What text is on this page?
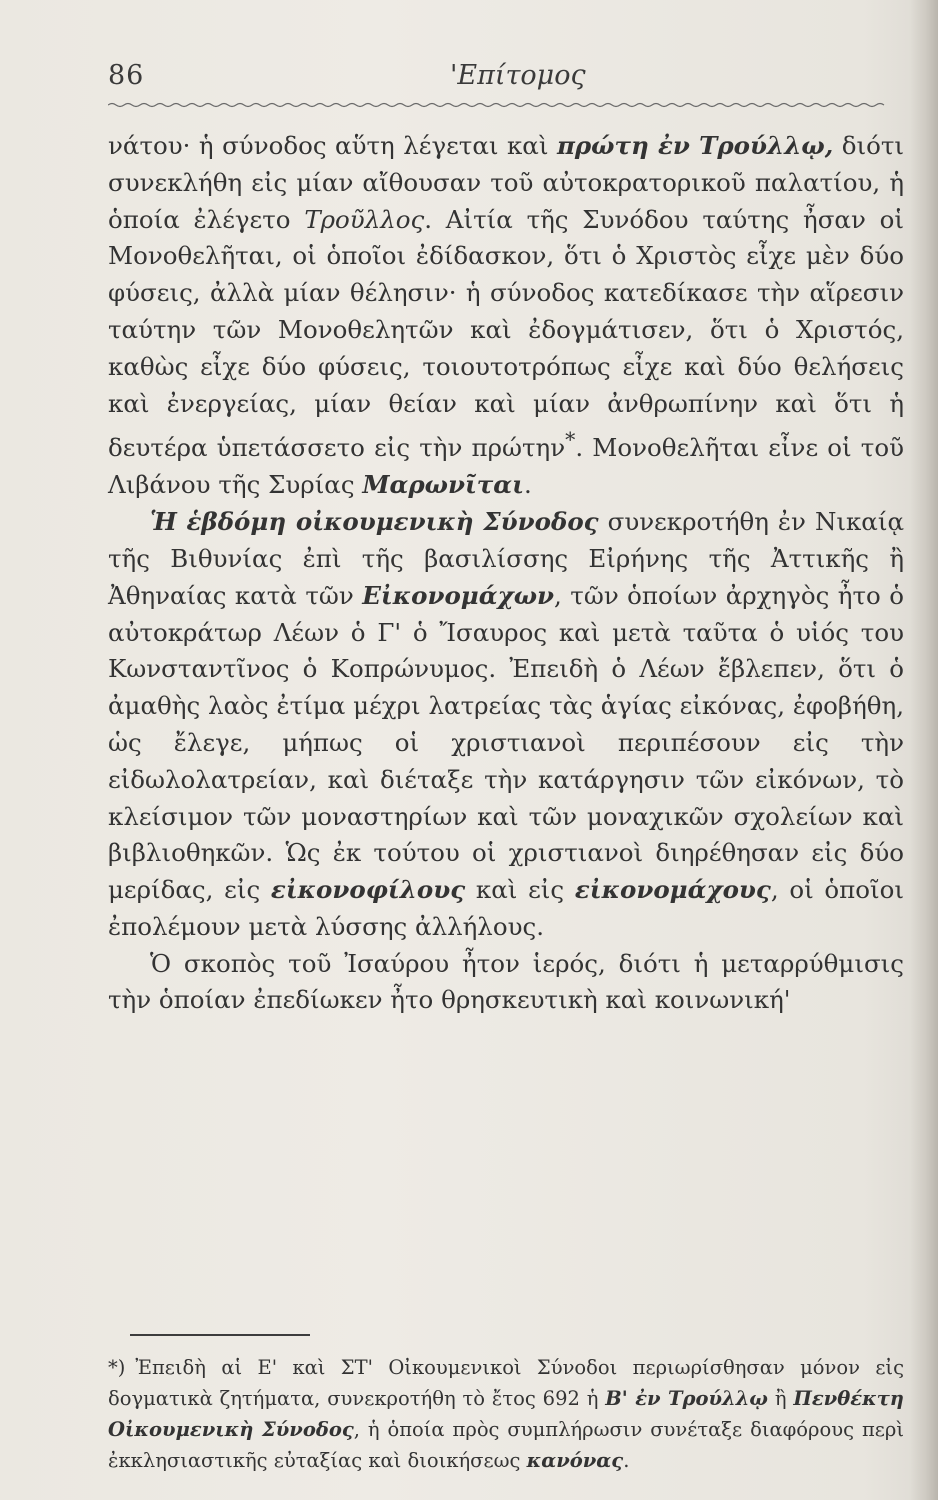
86	'Επίτομος

νάτου· ἡ σύνοδος αὕτη λέγεται καὶ πρώτη ἐν Τρούλλῳ, διότι συνεκλήθη εἰς μίαν αἴθουσαν τοῦ αὐτοκρατορικοῦ παλατίου, ἡ ὁποία ἐλέγετο Τροῦλλος. Αἰτία τῆς Συνόδου ταύτης ἦσαν οἱ Μονοθελῆται, οἱ ὁποῖοι ἐδίδασκον, ὅτι ὁ Χριστὸς εἶχε μὲν δύο φύσεις, ἀλλὰ μίαν θέλησιν· ἡ σύνοδος κατεδίκασε τὴν αἵρεσιν ταύτην τῶν Μονοθελητῶν καὶ ἐδογμάτισεν, ὅτι ὁ Χριστός, καθὼς εἶχε δύο φύσεις, τοιουτοτρόπως εἶχε καὶ δύο θελήσεις καὶ ἐνεργείας, μίαν θείαν καὶ μίαν ἀνθρωπίνην καὶ ὅτι ἡ δευτέρα ὑπετάσσετο εἰς τὴν πρώτην*. Μονοθελῆται εἶνε οἱ τοῦ Λιβάνου τῆς Συρίας Μαρωνῖται.

Ἡ ἑβδόμη οἰκουμενικὴ Σύνοδος συνεκροτήθη ἐν Νικαίᾳ τῆς Βιθυνίας ἐπὶ τῆς βασιλίσσης Εἰρήνης τῆς Ἀττικῆς ἢ Ἀθηναίας κατὰ τῶν Εἰκονομάχων, τῶν ὁποίων ἀρχηγὸς ἦτο ὁ αὐτοκράτωρ Λέων ὁ Γ' ὁ Ἴσαυρος καὶ μετὰ ταῦτα ὁ υἱός του Κωνσταντῖνος ὁ Κοπρώνυμος. Ἐπειδὴ ὁ Λέων ἔβλεπεν, ὅτι ὁ ἀμαθὴς λαὸς ἐτίμα μέχρι λατρείας τὰς ἁγίας εἰκόνας, ἐφοβήθη, ὡς ἔλεγε, μήπως οἱ χριστιανοὶ περιπέσουν εἰς τὴν εἰδωλολατρείαν, καὶ διέταξε τὴν κατάργησιν τῶν εἰκόνων, τὸ κλείσιμον τῶν μοναστηρίων καὶ τῶν μοναχικῶν σχολείων καὶ βιβλιοθηκῶν. Ὡς ἐκ τούτου οἱ χριστιανοὶ διηρέθησαν εἰς δύο μερίδας, εἰς εἰκονοφίλους καὶ εἰς εἰκονομάχους, οἱ ὁποῖοι ἐπολέμουν μετὰ λύσσης ἀλλήλους.

Ὁ σκοπὸς τοῦ Ἰσαύρου ἦτον ἱερός, διότι ἡ μεταρρύθμισις τὴν ὁποίαν ἐπεδίωκεν ἦτο θρησκευτικὴ καὶ κοινωνική'

*) Ἐπειδὴ αἱ Ε' καὶ ΣΤ' Οἰκουμενικοὶ Σύνοδοι περιωρίσθησαν μόνον εἰς δογματικὰ ζητήματα, συνεκροτήθη τὸ ἔτος 692 ἡ Β' ἐν Τρούλλῳ ἢ Πενθέκτη Οἰκουμενικὴ Σύνοδος, ἡ ὁποία πρὸς συμπλήρωσιν συνέταξε διαφόρους περὶ ἐκκλησιαστικῆς εὐταξίας καὶ διοικήσεως κανόνας.
